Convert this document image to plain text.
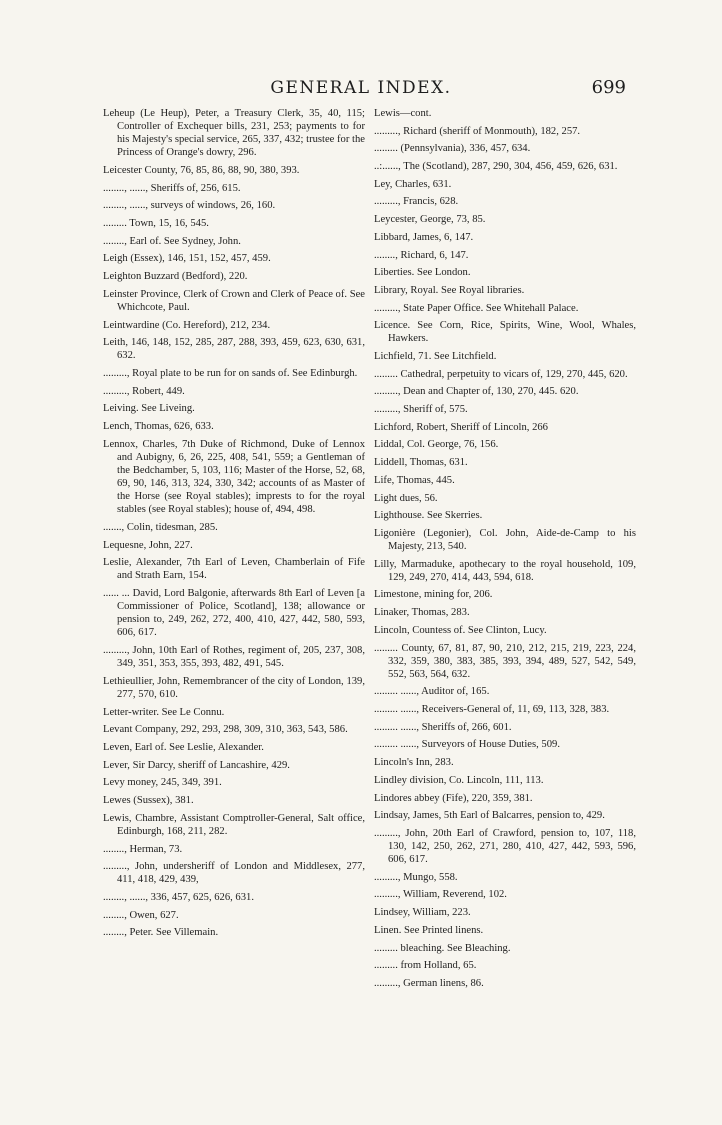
GENERAL INDEX.	699
Leheup (Le Heup), Peter, a Treasury Clerk, 35, 40, 115; Controller of Exchequer bills, 231, 253; payments to for his Majesty's special service, 265, 337, 432; trustee for the Princess of Orange's dowry, 296.
Leicester County, 76, 85, 86, 88, 90, 380, 393.
........, ......, Sheriffs of, 256, 615.
........, ......, surveys of windows, 26, 160.
......... Town, 15, 16, 545.
........, Earl of. See Sydney, John.
Leigh (Essex), 146, 151, 152, 457, 459.
Leighton Buzzard (Bedford), 220.
Leinster Province, Clerk of Crown and Clerk of Peace of. See Whichcote, Paul.
Leintwardine (Co. Hereford), 212, 234.
Leith, 146, 148, 152, 285, 287, 288, 393, 459, 623, 630, 631, 632.
........., Royal plate to be run for on sands of. See Edinburgh.
........., Robert, 449.
Leiving. See Liveing.
Lench, Thomas, 626, 633.
Lennox, Charles, 7th Duke of Richmond, Duke of Lennox and Aubigny, 6, 26, 225, 408, 541, 559; a Gentleman of the Bedchamber, 5, 103, 116; Master of the Horse, 52, 68, 69, 90, 146, 313, 324, 330, 342; accounts of as Master of the Horse (see Royal stables); imprests to for the royal stables (see Royal stables); house of, 494, 498.
......., Colin, tidesman, 285.
Lequesne, John, 227.
Leslie, Alexander, 7th Earl of Leven, Chamberlain of Fife and Strath Earn, 154.
...... ... David, Lord Balgonie, afterwards 8th Earl of Leven [a Commissioner of Police, Scotland], 138; allowance or pension to, 249, 262, 272, 400, 410, 427, 442, 580, 593, 606, 617.
........., John, 10th Earl of Rothes, regiment of, 205, 237, 308, 349, 351, 353, 355, 393, 482, 491, 545.
Lethieullier, John, Remembrancer of the city of London, 139, 277, 570, 610.
Letter-writer. See Le Connu.
Levant Company, 292, 293, 298, 309, 310, 363, 543, 586.
Leven, Earl of. See Leslie, Alexander.
Lever, Sir Darcy, sheriff of Lancashire, 429.
Levy money, 245, 349, 391.
Lewes (Sussex), 381.
Lewis, Chambre, Assistant Comptroller-General, Salt office, Edinburgh, 168, 211, 282.
........, Herman, 73.
........., John, undersheriff of London and Middlesex, 277, 411, 418, 429, 439,
........, ......, 336, 457, 625, 626, 631.
........, Owen, 627.
........, Peter. See Villemain.
Lewis—cont.
........., Richard (sheriff of Monmouth), 182, 257.
......... (Pennsylvania), 336, 457, 634.
..:......, The (Scotland), 287, 290, 304, 456, 459, 626, 631.
Ley, Charles, 631.
........., Francis, 628.
Leycester, George, 73, 85.
Libbard, James, 6, 147.
........, Richard, 6, 147.
Liberties. See London.
Library, Royal. See Royal libraries.
........., State Paper Office. See Whitehall Palace.
Licence. See Corn, Rice, Spirits, Wine, Wool, Whales, Hawkers.
Lichfield, 71. See Litchfield.
......... Cathedral, perpetuity to vicars of, 129, 270, 445, 620.
........., Dean and Chapter of, 130, 270, 445. 620.
........., Sheriff of, 575.
Lichford, Robert, Sheriff of Lincoln, 266
Liddal, Col. George, 76, 156.
Liddell, Thomas, 631.
Life, Thomas, 445.
Light dues, 56.
Lighthouse. See Skerries.
Ligonière (Legonier), Col. John, Aide-de-Camp to his Majesty, 213, 540.
Lilly, Marmaduke, apothecary to the royal household, 109, 129, 249, 270, 414, 443, 594, 618.
Limestone, mining for, 206.
Linaker, Thomas, 283.
Lincoln, Countess of. See Clinton, Lucy.
......... County, 67, 81, 87, 90, 210, 212, 215, 219, 223, 224, 332, 359, 380, 383, 385, 393, 394, 489, 527, 542, 549, 552, 563, 564, 632.
......... ......, Auditor of, 165.
......... ......, Receivers-General of, 11, 69, 113, 328, 383.
......... ......, Sheriffs of, 266, 601.
......... ......, Surveyors of House Duties, 509.
Lincoln's Inn, 283.
Lindley division, Co. Lincoln, 111, 113.
Lindores abbey (Fife), 220, 359, 381.
Lindsay, James, 5th Earl of Balcarres, pension to, 429.
........., John, 20th Earl of Crawford, pension to, 107, 118, 130, 142, 250, 262, 271, 280, 410, 427, 442, 593, 596, 606, 617.
........., Mungo, 558.
........., William, Reverend, 102.
Lindsey, William, 223.
Linen. See Printed linens.
......... bleaching. See Bleaching.
......... from Holland, 65.
........., German linens, 86.
